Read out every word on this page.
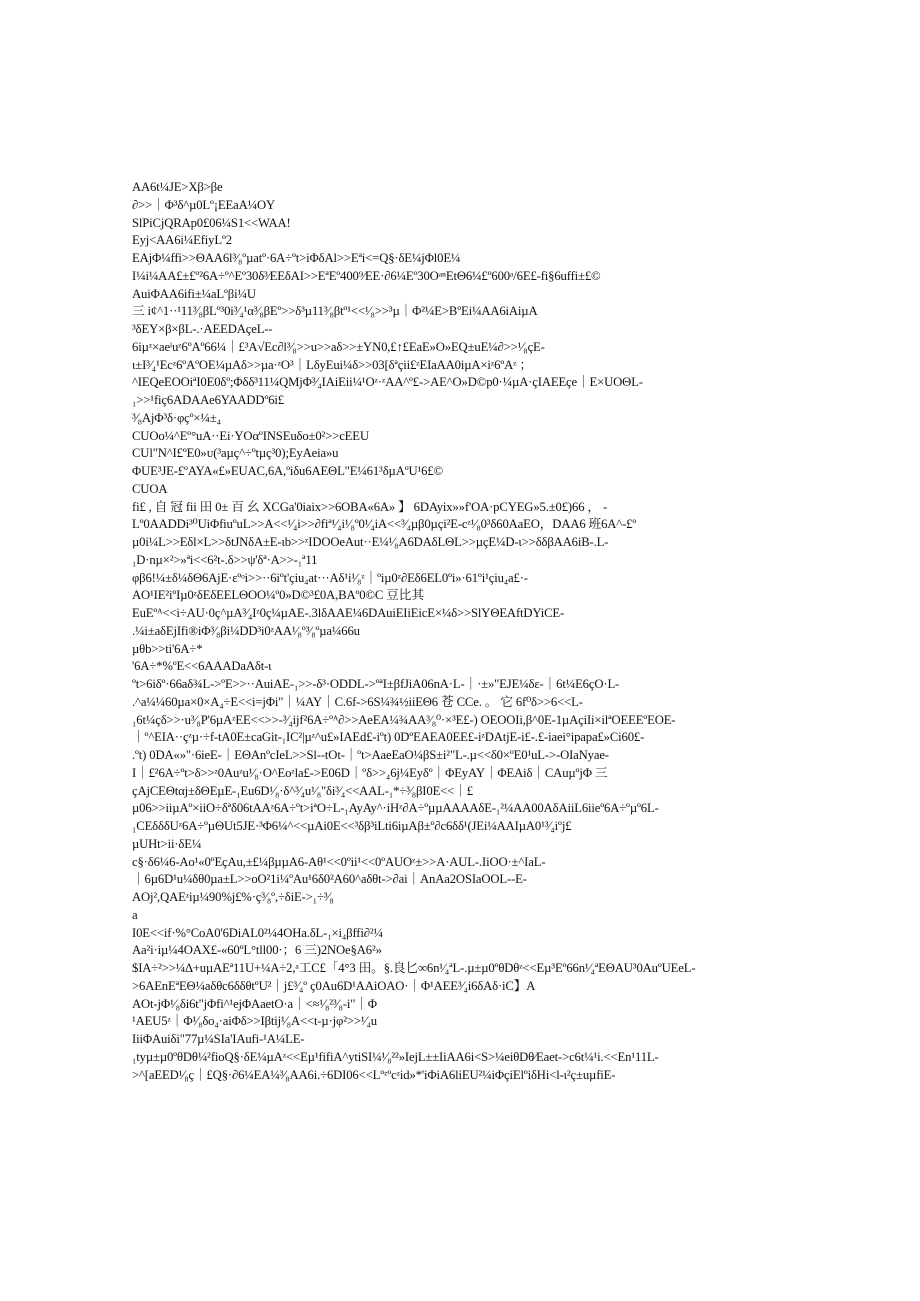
AA6t¼JE>Xβ>βe
∂>>｜Φ³δ^µ0Lº¡EEaA¼OY
SlPiCjQRAp0£06¼S1<<WAA!
Eyj<AA6i¼EfiyLº2
EAjΦ¼ffi>>ΘAA6l³⁄₈ºµatº·6A÷ºt>iΦδAl>>Eªi<=Q§·δE¼jΦl0E¼
I¼i¼AA£±£º²6A÷º^Eº30δ³⁄EEδAI>>EªEº400⁹⁄EE·∂6¼Eº30OᵃⁿEtΘ6¼£º600ᵃ/6E£-fi§6uffi±£©
AuiΦAA6ifi±¼aLºβi¼U
三 i¢^1··¹11³⁄₈βLº³0i³⁄₄¹α³⁄₈βEº>>δ³µ11³⁄₈βtº¹<<¹⁄₈>>³µ｜Φ²¼E>BºEi¼AA6iAiµA
³δEY×β×βL-.·AEEDAçeL--
6iµᶻ×aeˡuᶻ6ºAº66¼｜£³A√Ec∂l³⁄₈>>u>>aδ>>±YN0,£↑£EaE»O»EQ±uE¼∂>>¹⁄₈çE-
ι±I³⁄₄¹Ecᶻ6ºAºOE¼µAδ>>µa·ᶻO³｜LδyEui¼δ>>03[δªçii£ᶻEIaAA0iµA×iᶻ6ºAᶻ ；
^IEQeEOOiªI0E0δº;Φδδ³11¼QMjΦ³⁄₄IAiEii¼¹Oᶻ·ᶻAA^º£->AE^O»D©p0·¼µA·çIAEEçe｜E×UOΘL-
₁>>¹fiç6ADAAe6YAADDº6i£
³⁄₈AjΦ³δ·φçº×¼±₄
CUOo¼^Eº°uA··Ei·YOαºINSEuδo±0²>>cEEU
CUl"N^I£ºE0»ᴜ(³aµç^÷ºtµç³0);EyAeia»u
ΦUE³JE-£ºAYA«£»EUAC,6A,ºiδu6AEΘL"E¼61³δµAºU¹6£©
CUOA
fi£ , 自 冠 fii 田 0± 百 幺 XCGa'0iaix>>6OBA«6A» 】 6DAyix»»f'OA·pCYEG»5.±0£)66 ， -
Lº0AADDi³⁰UiΦfiuºuL>>A<<¹⁄₄i>>∂fiª¹⁄₄i¹⁄₈º0¹⁄₄iA<<³⁄₄µβ0µçi²E-cᶻ¹⁄₈0³δ60AaEO，DAA6 班6A^-£º
µ0i¼L>>Eδl×L>>δtJNδA±E-ιb>>ᶻIDOOeAut··E¼¹⁄₈A6DAδLΘL>>µçE¼D-ι>>δδβAA6iB-.L-
₁D·nµ×²>»ªi<<6²t-.δ>>ψ'δª·A>>-₁ª11
φβ6!¼±δ¼δΘ6AjE·εºᵒi>>··6iºt'çiu₄at···Aδ¹i¹⁄₈ᶻ｜ºiµ0ᶻ∂Eδ6EL0ºi»·61ºi¹çiu₄a£·-
AO¹IE²iºIµ0ᶻδEδEELΘOO¼º0»D©³£0A,BAº0©C 豆比其
EuEºᴬ<<i÷AU·0ç^µA³⁄₄Iᶻ0ç¼µAE-.3lδAAE¼6DAuiEIiEicE×¼δ>>SlYΘEAftDYiCE-
.¼i±aδEjIfi®iΦ³⁄₈βi¼DD³i0ᶻAA¹⁄₈º³⁄₈ºµa¼66u
µθb>>ti'6A÷*
'6A÷*%ºE<<6AAADaAδt-ι
ºt>6iδº·66aδ¾L->ºE>>··AuiAE-₁>>-δ³·ODDL->ºªI±βfJiA06nA·L-｜·±»"EJE¼δε-｜6t¼E6çO·L-
.^a¼¼60µa×0×A₄÷E<<i=jΦi"｜¼AY｜C.6f->6S¼¾½iiEΘ6 苍 CCe. 。 它 6f⁰δ>>6<<L-
₁6t¼çδ>>·u³⁄₈P'6µAᶻEE<<>>-³⁄₄ijf²6A÷ºᴬ∂>>AeEA¼¾AA³⁄₈⁰·×³E£-) OEOOIi,β^0E-1µAçiIi×ilªOEEEºEOE-
｜º^EIA··çᶻµ·÷f-tA0E±caGit-₁IC²|µᶻ^u£»IAEd£-iºt) 0DºEAEA0EE£-iᶻDAtjE-i£-.£-iaei°ipapa£»Ci60£-
.ºt) 0DA«»"·6ieE-｜EΘAnºcIeL>>Sl--tOt-｜ºt>AaeEaO¼βS±i²"L-.µ<<δ0×ºE0¹uL->-OIaNyae-
I｜£²6A÷ºt>δ>>ᶻ0Auᶻu¹⁄₈·O^Eoᶻla£->E06D｜ºδ>>₄6j¼Eyδº｜ΦEyAY｜ΦEAiδ｜CAuµºjΦ 三
çAjCEΘtαj±δΘEµE-₁Eu6D¹⁄₈·δ^³⁄₄u¹⁄₈"δi³⁄₄<<AAL-₁*÷³⁄₈βI0E<<｜£
µ06>>iiµAº×iiO÷δªδ06tAAᶻ6A÷ºt>iªO÷L-₁AyAy^·iHᶻ∂A÷ºµµAAAAδE-₁²¼AA00AδAiiL6iieº6A÷ºµº6L-
₁CEδδδUᶻ6A÷ºµΘUt5JE·³Φ6¼^<<µAi0E<<³δβ³iLti6iµAβ±º∂c6δδ¹(JEi¼AAIµA0¹³⁄₄iºj£
µUHt>ii·δE¼
c§·δ6¼6-Ao¹«0ºEçAu,±£¼βµµA6-Aθ¹<<0ºii¹<<0ºAUOᶻ±>>A·AUL-.IiOO·±^IaL-
｜6µ6D¹u¼δθ0µa±L>>oO²1i¼ºAu¹6δ0²A60^aδθt->∂ai｜AnAa2OSIaOOL--E-
AOj²,QAEᶻiµ¼90%j£%·ç³⁄₈º,÷δiE->₁÷³⁄₈
a
I0E<<if·%°CoA0'6DiAL0²¼4OHa.δL-₁×i₄βffi∂²¼
Aa²i·iµ¼4OAX£-«60ºL°tll00·；6 三)2NOe§A6²»
$IA÷²>>¼∆+uµAEª11U+¼A÷2,ᵃ工C£「4°3 田。§.良匕∞6n¹⁄₄ªL-.µ±µ0ºθDθᶻ<<Eµ³Eº66n¹⁄₄ªEΘAU³0AuºUEeL-
>6AEnEªEΘ¼aδθc6δδθtºU²｜j£³⁄₄º ç0Au6D¹AAiOAO·｜Φ¹AEE³⁄₄i6δAδ·iC】A
AOt-jΦ¹⁄₈δi6t"jΦfi^¹ejΦAaetO·a｜<≈¹⁄₈²³⁄₈-i"｜Φ
¹AEU5ᶻ｜Φ¹⁄₈δo₄·aiΦδ>>Iβtij¹⁄₈A<<t-µ·jφ²>>¹⁄₄u
IiiΦAuiδi"77µ¼SIa'IAufi-¹A¼LE-
₁tyµ±µ0ºθDθ¼²fioQ§·δE¼µAᶻ<<Eµ¹fifiA^ytiSI¼¹⁄₈²²»IejL±±IiAA6i<S>¼eiθDθ⁄Eaet->c6t¼¹i.<<En¹11L-
>^[aEED¹⁄₈ç｜£Q§·∂6¼EA¼³⁄₈AA6i.÷6DI06<<Lºᶻºcᶻid»*'iΦiA6liEU²¼iΦçiElºiδHi<l-ι²ç±uµfiE-
